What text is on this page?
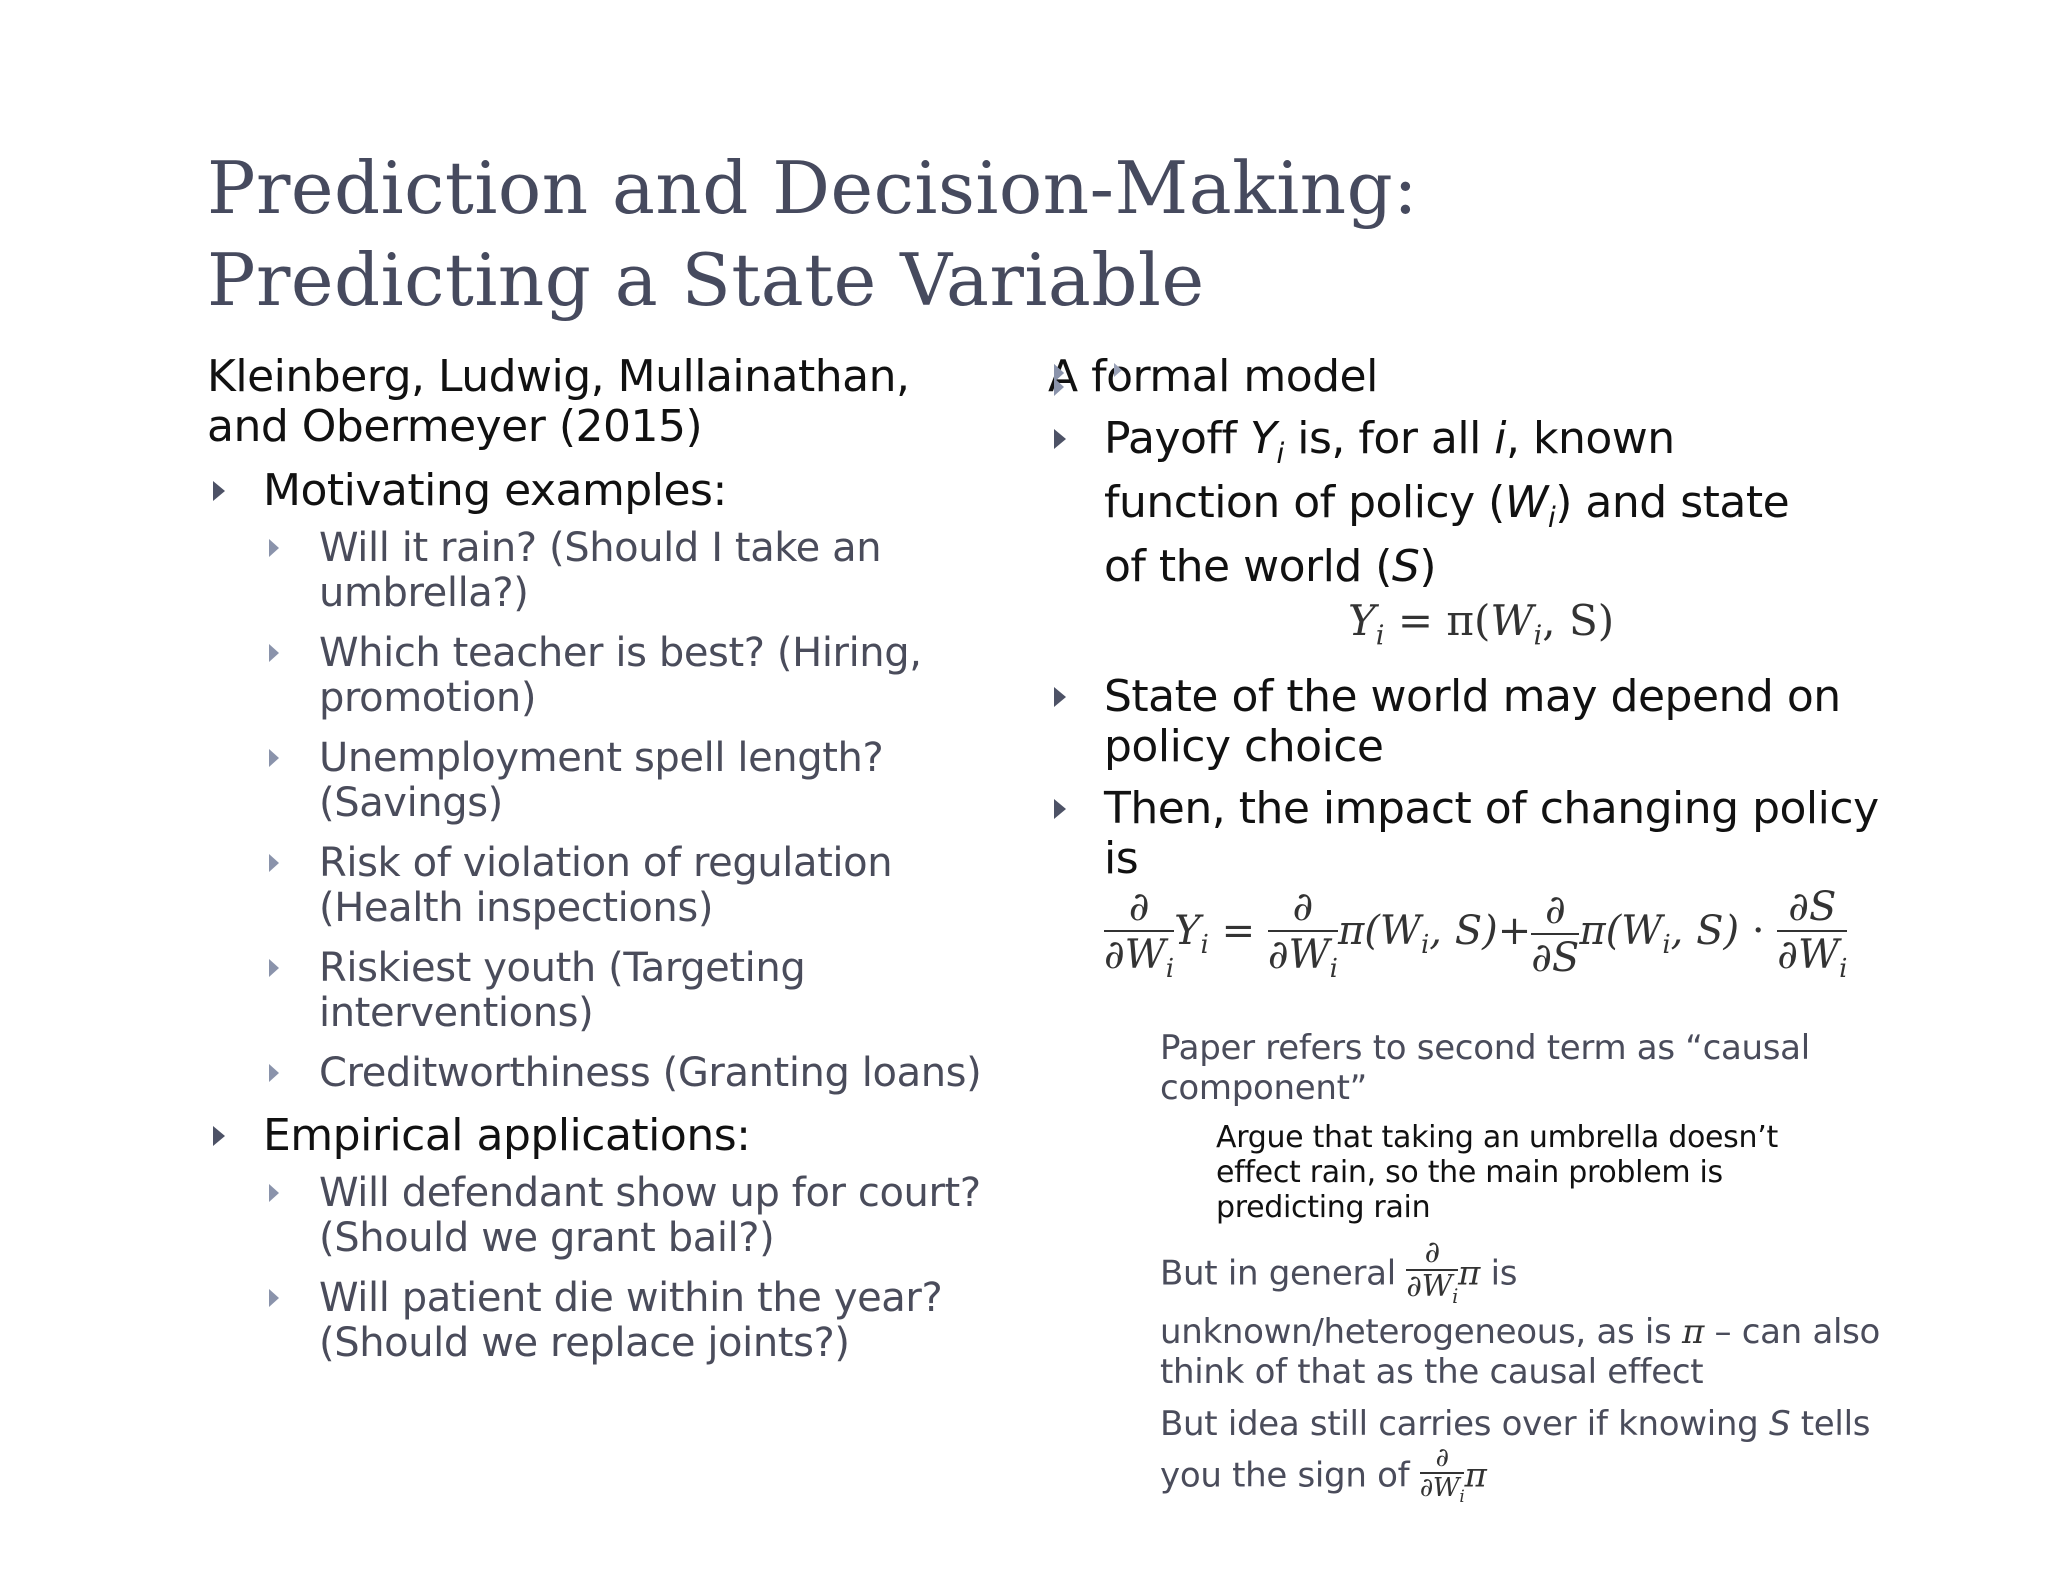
Prediction and Decision-Making:
Predicting a State Variable
Kleinberg, Ludwig, Mullainathan, and Obermeyer (2015)
Motivating examples:
Will it rain? (Should I take an umbrella?)
Which teacher is best? (Hiring, promotion)
Unemployment spell length? (Savings)
Risk of violation of regulation (Health inspections)
Riskiest youth (Targeting interventions)
Creditworthiness (Granting loans)
Empirical applications:
Will defendant show up for court? (Should we grant bail?)
Will patient die within the year? (Should we replace joints?)
A formal model
Payoff $Y_i$ is, for all i, known function of policy $(W_i)$ and state of the world (S)
$Y_i = \pi(W_i$, S)
State of the world may depend on policy choice
Then, the impact of changing policy is
$\frac{\partial}{\partial W_i} Y_i = \frac{\partial}{\partial W_i} \pi(W_i$, $S)+ \frac{\partial}{\partial S} \pi(W_i$, $S) \cdot \frac{\partial S}{\partial W_i}$
Paper refers to second term as “causal component”
Argue that taking an umbrella doesn’t effect rain, so the main problem is predicting rain
But in general $\frac{\partial}{\partial W_i}$ π is
unknown/heterogeneous, as is π – can also think of that as the causal effect
But idea still carries over if knowing S tells you the sign of $\frac{\partial}{\partial W_i}$ π
